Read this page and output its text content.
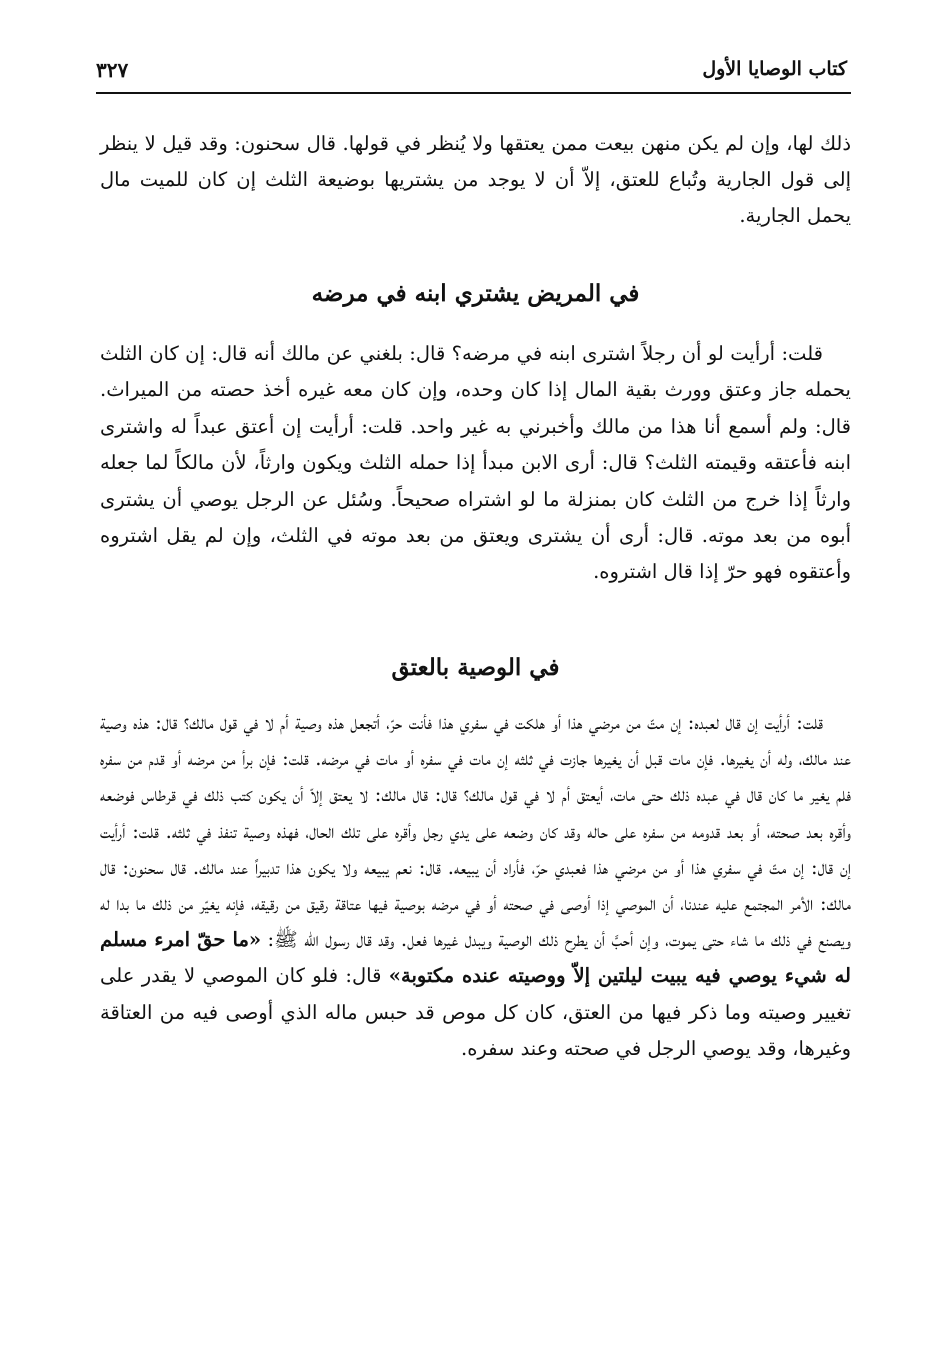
كتاب الوصايا الأول
٣٢٧

ذلك لها، وإن لم يكن منهن بيعت ممن يعتقها ولا يُنظر في قولها. قال سحنون: وقد قيل لا ينظر إلى قول الجارية وتُباع للعتق، إلاّ أن لا يوجد من يشتريها بوضيعة الثلث إن كان للميت مال يحمل الجارية.

في المريض يشتري ابنه في مرضه

قلت: أرأيت لو أن رجلاً اشترى ابنه في مرضه؟ قال: بلغني عن مالك أنه قال: إن كان الثلث يحمله جاز وعتق وورث بقية المال إذا كان وحده، وإن كان معه غيره أخذ حصته من الميراث. قال: ولم أسمع أنا هذا من مالك وأخبرني به غير واحد. قلت: أرأيت إن أعتق عبداً له واشترى ابنه فأعتقه وقيمته الثلث؟ قال: أرى الابن مبدأ إذا حمله الثلث ويكون وارثاً، لأن مالكاً لما جعله وارثاً إذا خرج من الثلث كان بمنزلة ما لو اشتراه صحيحاً. وسُئل عن الرجل يوصي أن يشترى أبوه من بعد موته. قال: أرى أن يشترى ويعتق من بعد موته في الثلث، وإن لم يقل اشتروه وأعتقوه فهو حرّ إذا قال اشتروه.

في الوصية بالعتق

قلت: أرأيت إن قال لعبده: إن متّ من مرضي هذا أو هلكت في سفري هذا فأنت حرّ، أتجعل هذه وصية أم لا في قول مالك؟ قال: هذه وصية عند مالك، وله أن يغيرها. فإن مات قبل أن يغيرها جازت في ثلثه إن مات في سفره أو مات في مرضه. قلت: فإن برأ من مرضه أو قدم من سفره فلم يغير ما كان قال في عبده ذلك حتى مات، أيعتق أم لا في قول مالك؟ قال: قال مالك: لا يعتق إلاّ أن يكون كتب ذلك في قرطاس فوضعه وأقره بعد صحته، أو بعد قدومه من سفره على حاله وقد كان وضعه على يدي رجل وأقره على تلك الحال، فهذه وصية تنفذ في ثلثه. قلت: أرأيت إن قال: إن متّ في سفري هذا أو من مرضي هذا فعبدي حرّ، فأراد أن يبيعه. قال: نعم يبيعه ولا يكون هذا تدبيراً عند مالك. قال سحنون: قال مالك: الأمر المجتمع عليه عندنا، أن الموصي إذا أوصى في صحته أو في مرضه بوصية فيها عتاقة رقيق من رقيقه، فإنه يغيّر من ذلك ما بدا له ويصنع في ذلك ما شاء حتى يموت، وإن أحبَّ أن يطرح ذلك الوصية ويبدل غيرها فعل. وقد قال رسول الله ﷺ: «ما حقّ امرء مسلم له شيء يوصي فيه يبيت ليلتين إلاّ ووصيته عنده مكتوبة» قال: فلو كان الموصي لا يقدر على تغيير وصيته وما ذكر فيها من العتق، كان كل موص قد حبس ماله الذي أوصى فيه من العتاقة وغيرها، وقد يوصي الرجل في صحته وعند سفره.
